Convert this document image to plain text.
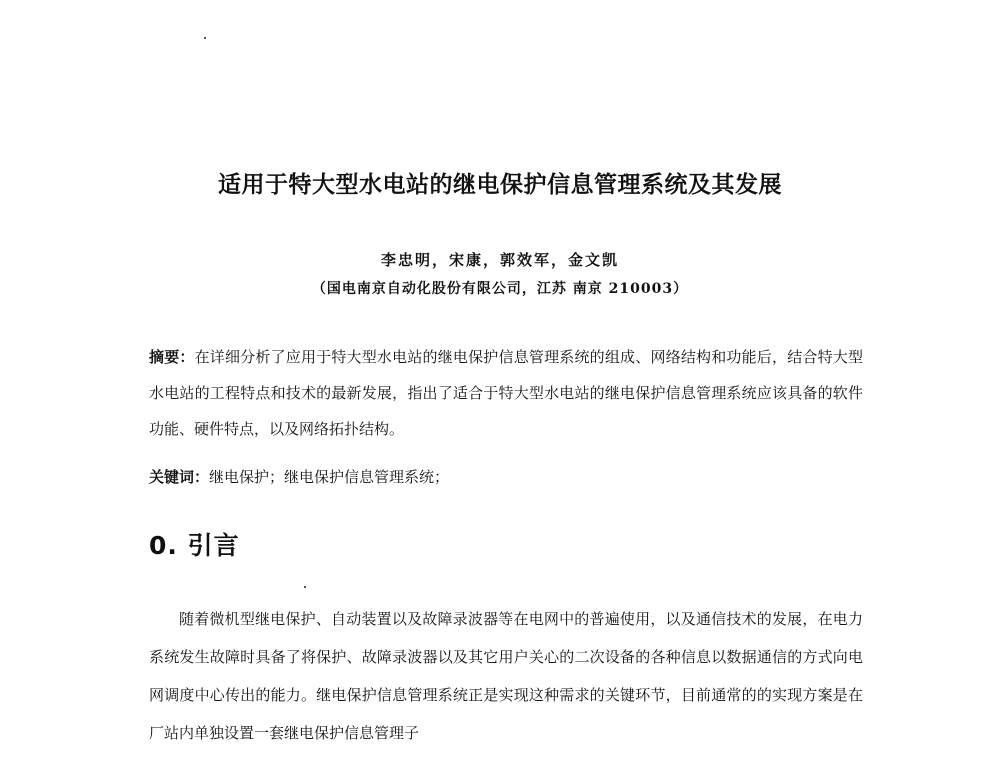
适用于特大型水电站的继电保护信息管理系统及其发展
李忠明，宋康，郭效军，金文凯
（国电南京自动化股份有限公司，江苏 南京 210003）
摘要：在详细分析了应用于特大型水电站的继电保护信息管理系统的组成、网络结构和功能后，结合特大型水电站的工程特点和技术的最新发展，指出了适合于特大型水电站的继电保护信息管理系统应该具备的软件功能、硬件特点，以及网络拓扑结构。
关键词：继电保护；继电保护信息管理系统；
0. 引言
随着微机型继电保护、自动装置以及故障录波器等在电网中的普遍使用，以及通信技术的发展，在电力系统发生故障时具备了将保护、故障录波器以及其它用户关心的二次设备的各种信息以数据通信的方式向电网调度中心传出的能力。继电保护信息管理系统正是实现这种需求的关键环节，目前通常的的实现方案是在厂站内单独设置一套继电保护信息管理子
